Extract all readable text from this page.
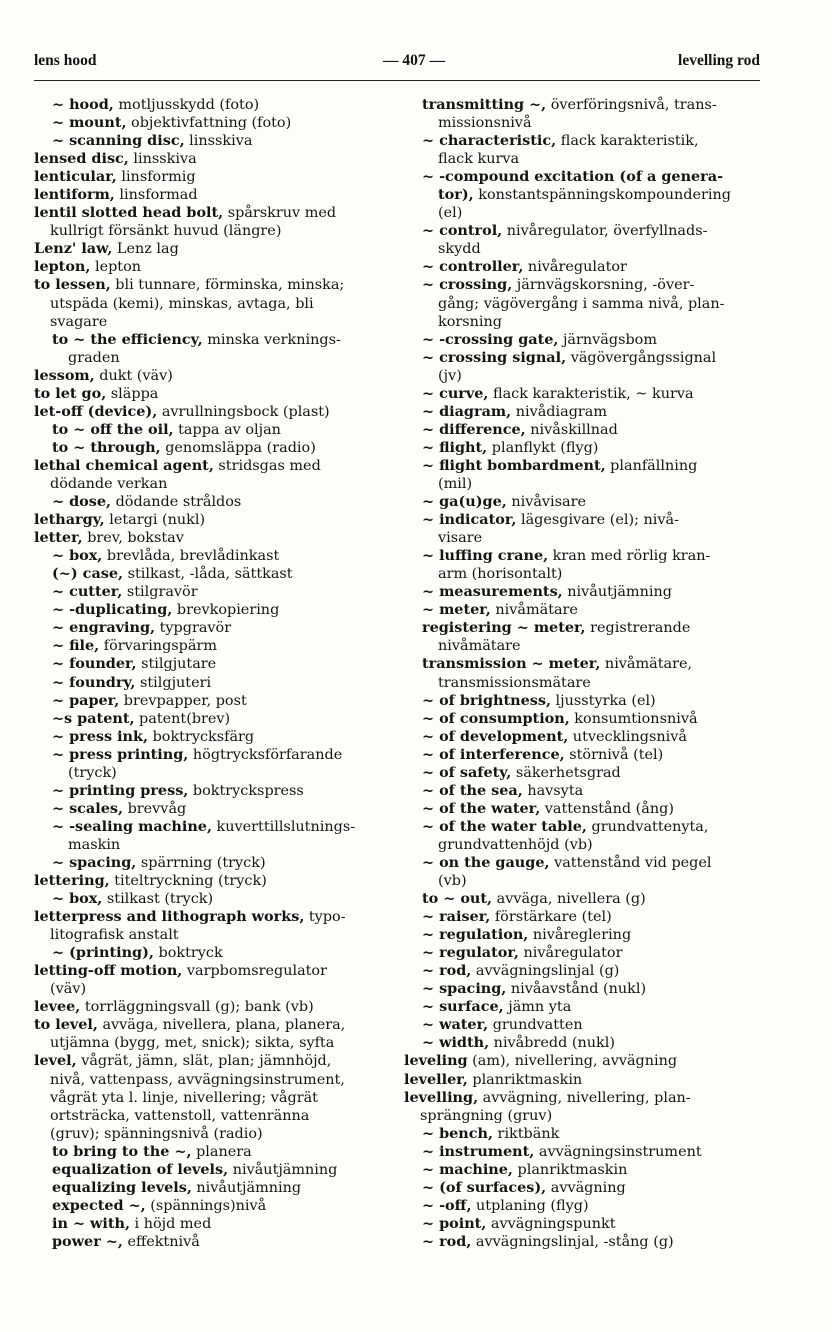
lens hood	— 407 —	levelling rod

~ hood, motljusskydd (foto)

~ mount, objektivfattning (foto)

~ scanning disc, linsskiva

lensed disc, linsskiva

lenticular, linsformig

lentiform, linsformad

lentil slotted head bolt, spårskruv med
kullrigt försänkt huvud (längre)

Lenz' law, Lenz lag

lepton, lepton

to lessen, bli tunnare, förminska, minska;
utspäda (kemi), minskas, avtaga, bli
svagare

to ~ the efficiency, minska verknings-
graden

lessom, dukt (väv)

to let go, släppa

let-off (device), avrullningsbock (plast)

to ~ off the oil, tappa av oljan

to ~ through, genomsläppa (radio)

lethal chemical agent, stridsgas med
dödande verkan

~ dose, dödande stråldos

lethargy, letargi (nukl)

letter, brev, bokstav

~ box, brevlåda, brevlådinkast

(~) case, stilkast, -låda, sättkast

~ cutter, stilgravör

~ -duplicating, brevkopiering

~ engraving, typgravör

~ file, förvaringspärm

~ founder, stilgjutare

~ foundry, stilgjuteri

~ paper, brevpapper, post

~s patent, patent(brev)

~ press ink, boktrycksfärg

~ press printing, högtrycksförfarande
(tryck)

~ printing press, boktryckspress

~ scales, brevvåg

~ -sealing machine, kuverttillslutnings-
maskin

~ spacing, spärrning (tryck)

lettering, titeltryckning (tryck)

~ box, stilkast (tryck)

letterpress and lithograph works, typo-
litografisk anstalt

~ (printing), boktryck

letting-off motion, varpbomsregulator
(väv)

levee, torrläggningsvall (g); bank (vb)

to level, avväga, nivellera, plana, planera,
utjämna (bygg, met, snick); sikta, syfta

level, vågrät, jämn, slät, plan; jämnhöjd,
nivå, vattenpass, avvägningsinstrument,
vågrät yta l. linje, nivellering; vågrät
ortsträcka, vattenstoll, vattenränna
(gruv); spänningsnivå (radio)

to bring to the ~, planera

equalization of levels, nivåutjämning

equalizing levels, nivåutjämning

expected ~, (spännings)nivå

in ~ with, i höjd med

power ~, effektnivå

transmitting ~, överföringsnivå, trans-
missionsnivå

~ characteristic, flack karakteristik,
flack kurva

~ -compound excitation (of a genera-
tor), konstantspänningskompoundering
(el)

~ control, nivåregulator, överfyllnads-
skydd

~ controller, nivåregulator

~ crossing, järnvägskorsning, -över-
gång; vägövergång i samma nivå, plan-
korsning

~ -crossing gate, järnvägsbom

~ crossing signal, vägövergångssignal
(jv)

~ curve, flack karakteristik, ~ kurva

~ diagram, nivådiagram

~ difference, nivåskillnad

~ flight, planflykt (flyg)

~ flight bombardment, planfällning
(mil)

~ ga(u)ge, nivåvisare

~ indicator, lägesgivare (el); nivå-
visare

~ luffing crane, kran med rörlig kran-
arm (horisontalt)

~ measurements, nivåutjämning

~ meter, nivåmätare

registering ~ meter, registrerande
nivåmätare

transmission ~ meter, nivåmätare,
transmissionsmätare

~ of brightness, ljusstyrka (el)

~ of consumption, konsumtionsnivå

~ of development, utvecklingsnivå

~ of interference, störnivå (tel)

~ of safety, säkerhetsgrad

~ of the sea, havsyta

~ of the water, vattenstånd (ång)

~ of the water table, grundvattenyta,
grundvattenhöjd (vb)

~ on the gauge, vattenstånd vid pegel
(vb)

to ~ out, avväga, nivellera (g)

~ raiser, förstärkare (tel)

~ regulation, nivåreglering

~ regulator, nivåregulator

~ rod, avvägningslinjal (g)

~ spacing, nivåavstånd (nukl)

~ surface, jämn yta

~ water, grundvatten

~ width, nivåbredd (nukl)

leveling (am), nivellering, avvägning

leveller, planriktmaskin

levelling, avvägning, nivellering, plan-
sprängning (gruv)

~ bench, riktbänk

~ instrument, avvägningsinstrument

~ machine, planriktmaskin

~ (of surfaces), avvägning

~ -off, utplaning (flyg)

~ point, avvägningspunkt

~ rod, avvägningslinjal, -stång (g)
